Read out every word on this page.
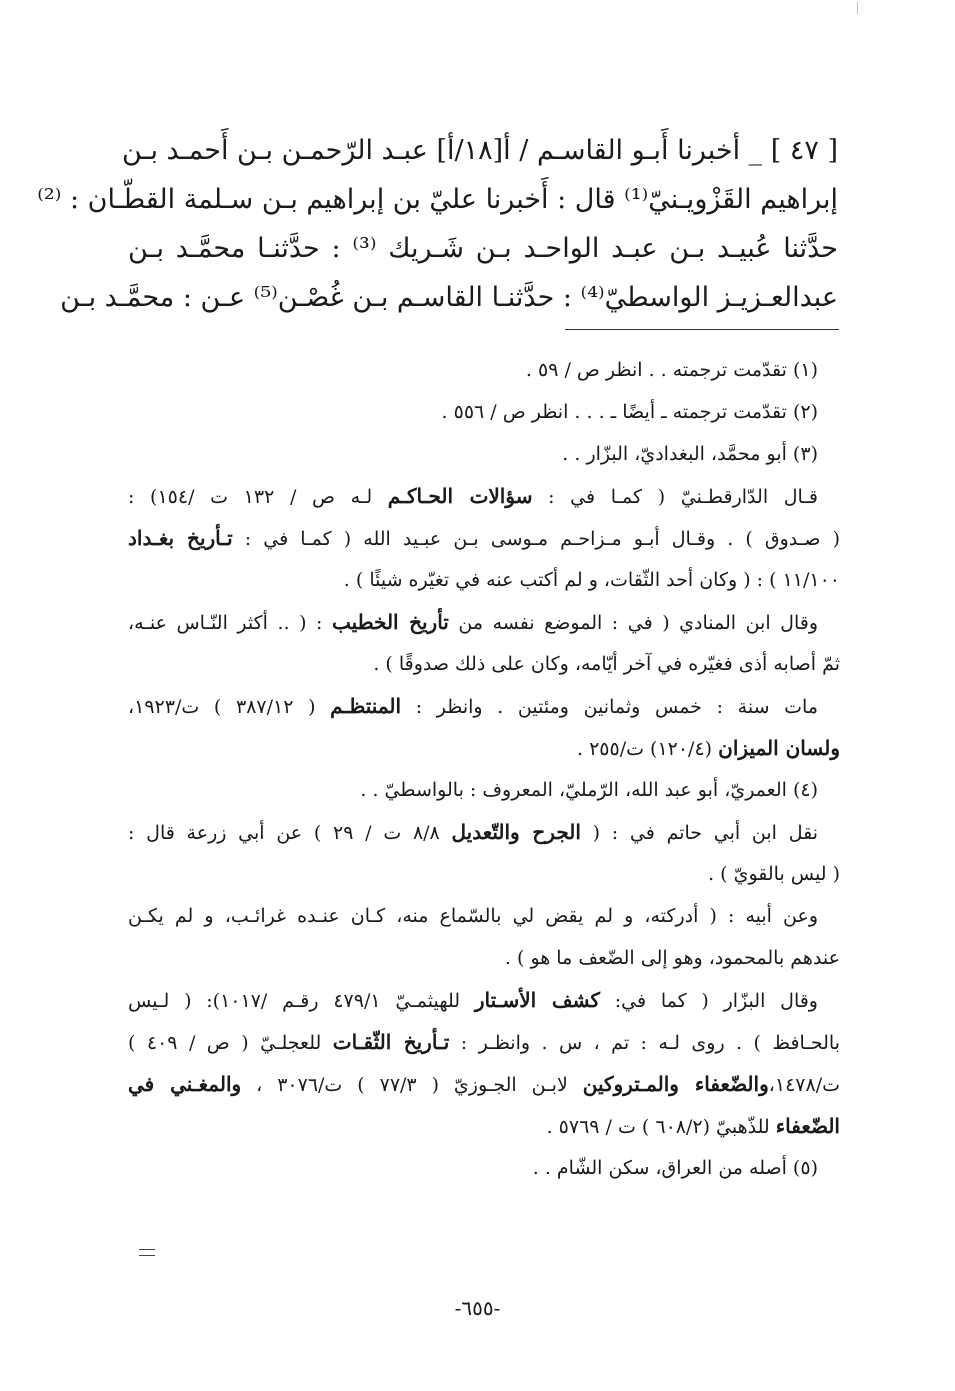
[ ٤٧ ] _ أخبرنا أَبـو القاسـم / أ[١٨/أ] عبـد الرّحمـن بـن أَحمـد بـن
إبراهيم القَزْويـنيّ⁽¹⁾ قال : أَخبرنا عليّ بن إبراهيم بـن سـلمة القطّـان : ⁽²⁾
حدَّثنا عُبيـد بـن عبـد الواحـد بـن شَـريك ⁽³⁾ : حدَّثنـا محمَّـد بـن
عبدالعـزيـز الواسطيّ⁽⁴⁾ : حدَّثنـا القاسـم بـن غُصْـن⁽⁵⁾ عـن : محمَّـد بـن
(١) تقدّمت ترجمته . . انظر ص / ٥٩ .
(٢) تقدّمت ترجمته ـ أيضًا ـ . . . انظر ص / ٥٥٦ .
(٣) أبو محمَّد، البغداديّ، البزّار . .
قـال الدّارقطـنيّ ( كمـا في : سؤالات الحـاكـم لـه ص / ١٣٢ ت /١٥٤) :
( صـدوق ) . وقـال أبـو مـزاحـم مـوسى بـن عبـيد الله ( كمـا في : تـأريخ بغـداد
١١/١٠٠ ) : ( وكان أحد الثّقات، و لم أكتب عنه في تغيّره شيئًا ) .
وقال ابن المنادي ( في : الموضع نفسه من تأريخ الخطيب : ( .. أكثر النّـاس عنـه،
ثمّ أصابه أذى فغيّره في آخر أيّامه، وكان على ذلك صدوقًا ) .
مات سنة : خمس وثمانين ومئتين . وانظر : المنتظـم ( ٣٨٧/١٢ ) ت/١٩٢٣،
ولسان الميزان (١٢٠/٤) ت/٢٥٥ .
(٤) العمريّ، أبو عبد الله، الرّمليّ، المعروف : بالواسطيّ . .
نقل ابن أبي حاتم في : ( الجرح والتّعديل ٨/٨ ت / ٢٩ ) عن أبي زرعة قال :
( ليس بالقويّ ) .
وعن أبيه : ( أدركته، و لم يقض لي بالسّماع منه، كـان عنـده غرائـب، و لم يكـن
عندهم بالمحمود، وهو إلى الضّعف ما هو ) .
وقال البزّار ( كما في: كشف الأسـتار للهيثمـيّ ٤٧٩/١ رقـم /١٠١٧): ( لـيس
بالحـافظ ) . روى لـه : تم ، س . وانظـر : تـأريخ الثّقـات للعجلـيّ ( ص / ٤٠٩ )
ت/١٤٧٨،والضّعفاء والمـتروكين لابـن الجـوزيّ ( ٧٧/٣ ) ت/٣٠٧٦ ، والمغـني في
الضّعفاء للذّهبيّ (٦٠٨/٢ ) ت / ٥٧٦٩ .
(٥) أصله من العراق، سكن الشّام . .
-٦٥٥-
